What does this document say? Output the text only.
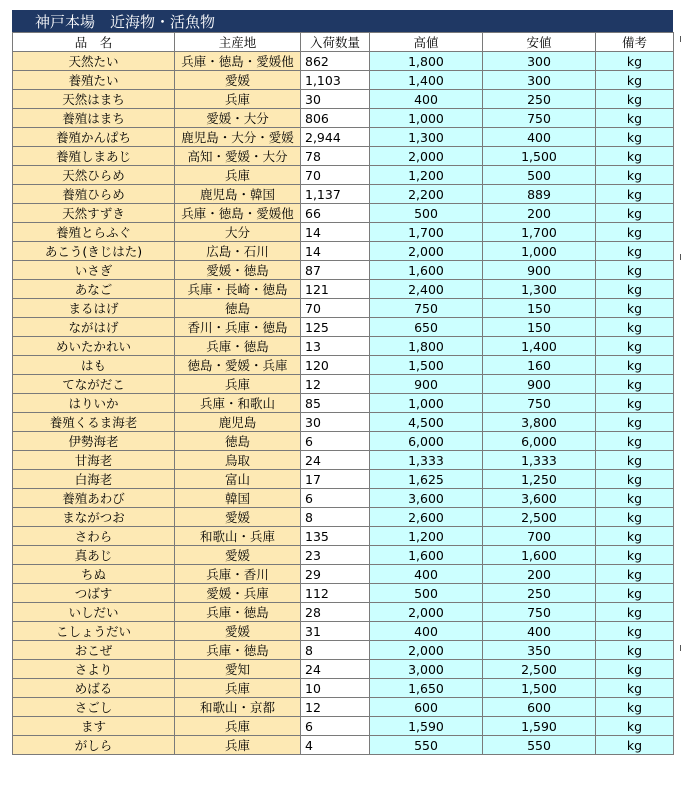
神戸本場　近海物・活魚物
品　名	主産地	入荷数量	高値	安値	備考
天然たい	兵庫・徳島・愛媛他	862	1,800	300	kg
養殖たい	愛媛	1,103	1,400	300	kg
天然はまち	兵庫	30	400	250	kg
養殖はまち	愛媛・大分	806	1,000	750	kg
養殖かんぱち	鹿児島・大分・愛媛	2,944	1,300	400	kg
養殖しまあじ	高知・愛媛・大分	78	2,000	1,500	kg
天然ひらめ	兵庫	70	1,200	500	kg
養殖ひらめ	鹿児島・韓国	1,137	2,200	889	kg
天然すずき	兵庫・徳島・愛媛他	66	500	200	kg
養殖とらふぐ	大分	14	1,700	1,700	kg
あこう(きじはた)	広島・石川	14	2,000	1,000	kg
いさぎ	愛媛・徳島	87	1,600	900	kg
あなご	兵庫・長崎・徳島	121	2,400	1,300	kg
まるはげ	徳島	70	750	150	kg
ながはげ	香川・兵庫・徳島	125	650	150	kg
めいたかれい	兵庫・徳島	13	1,800	1,400	kg
はも	徳島・愛媛・兵庫	120	1,500	160	kg
てながだこ	兵庫	12	900	900	kg
はりいか	兵庫・和歌山	85	1,000	750	kg
養殖くるま海老	鹿児島	30	4,500	3,800	kg
伊勢海老	徳島	6	6,000	6,000	kg
甘海老	鳥取	24	1,333	1,333	kg
白海老	富山	17	1,625	1,250	kg
養殖あわび	韓国	6	3,600	3,600	kg
まながつお	愛媛	8	2,600	2,500	kg
さわら	和歌山・兵庫	135	1,200	700	kg
真あじ	愛媛	23	1,600	1,600	kg
ちぬ	兵庫・香川	29	400	200	kg
つばす	愛媛・兵庫	112	500	250	kg
いしだい	兵庫・徳島	28	2,000	750	kg
こしょうだい	愛媛	31	400	400	kg
おこぜ	兵庫・徳島	8	2,000	350	kg
さより	愛知	24	3,000	2,500	kg
めばる	兵庫	10	1,650	1,500	kg
さごし	和歌山・京都	12	600	600	kg
ます	兵庫	6	1,590	1,590	kg
がしら	兵庫	4	550	550	kg
